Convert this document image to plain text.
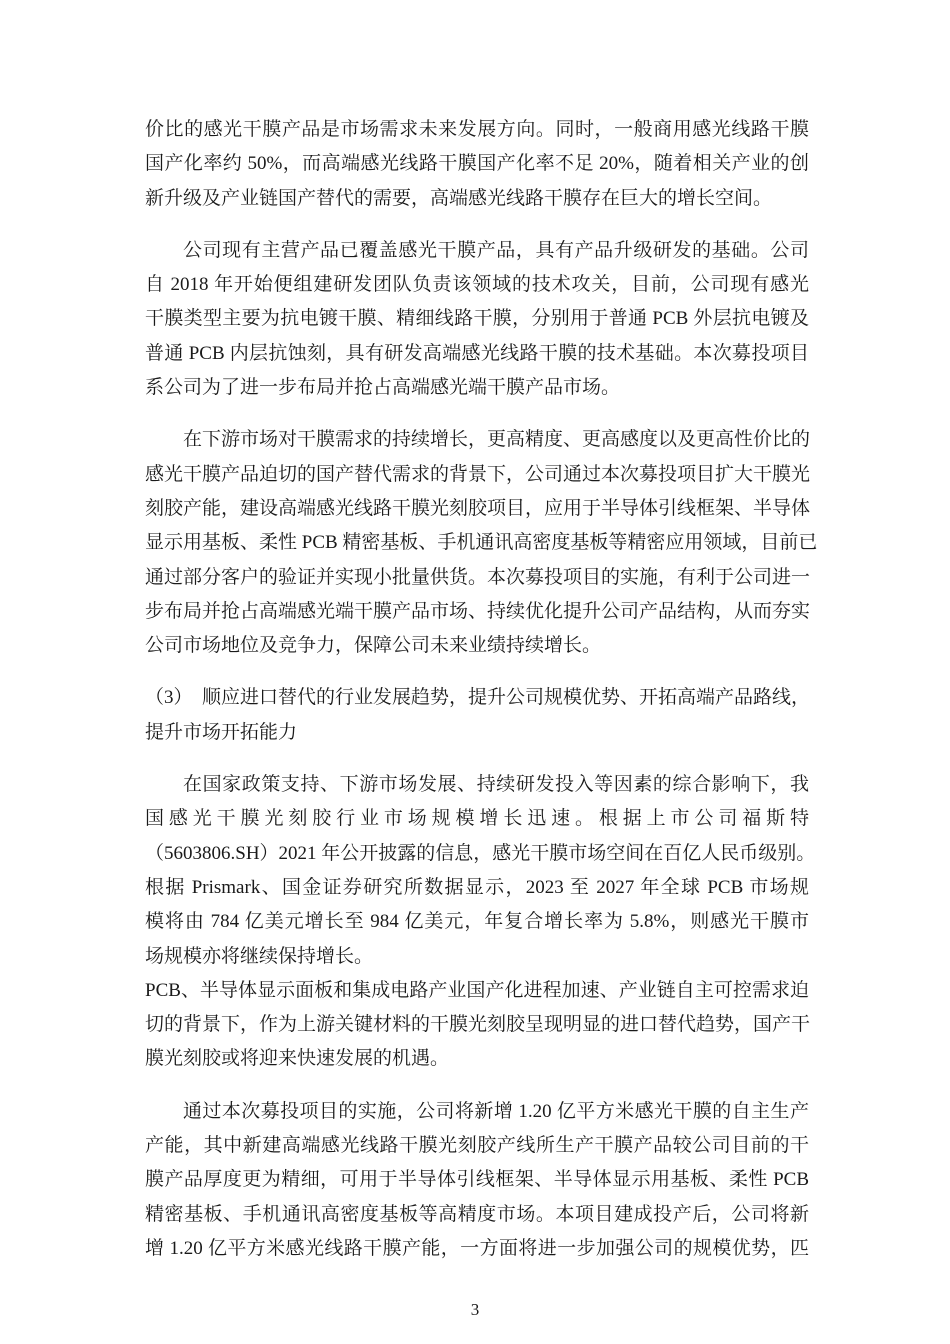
价比的感光干膜产品是市场需求未来发展方向。同时，一般商用感光线路干膜
国产化率约 50%，而高端感光线路干膜国产化率不足 20%，随着相关产业的创
新升级及产业链国产替代的需要，高端感光线路干膜存在巨大的增长空间。
公司现有主营产品已覆盖感光干膜产品，具有产品升级研发的基础。公司
自 2018 年开始便组建研发团队负责该领域的技术攻关，目前，公司现有感光
干膜类型主要为抗电镀干膜、精细线路干膜，分别用于普通 PCB 外层抗电镀及
普通 PCB 内层抗蚀刻，具有研发高端感光线路干膜的技术基础。本次募投项目
系公司为了进一步布局并抢占高端感光端干膜产品市场。
在下游市场对干膜需求的持续增长，更高精度、更高感度以及更高性价比的
感光干膜产品迫切的国产替代需求的背景下，公司通过本次募投项目扩大干膜光
刻胶产能，建设高端感光线路干膜光刻胶项目，应用于半导体引线框架、半导体
显示用基板、柔性 PCB 精密基板、手机通讯高密度基板等精密应用领域，目前已
通过部分客户的验证并实现小批量供货。本次募投项目的实施，有利于公司进一
步布局并抢占高端感光端干膜产品市场、持续优化提升公司产品结构，从而夯实
公司市场地位及竞争力，保障公司未来业绩持续增长。
（3）　顺应进口替代的行业发展趋势，提升公司规模优势、开拓高端产品路线，
提升市场开拓能力
在国家政策支持、下游市场发展、持续研发投入等因素的综合影响下，我
国感光干膜光刻胶行业市场规模增长迅速。根据上市公司福斯特
（5603806.SH）2021 年公开披露的信息，感光干膜市场空间在百亿人民币级别。
根据 Prismark、国金证券研究所数据显示，2023 至 2027 年全球 PCB 市场规
模将由 784 亿美元增长至 984 亿美元，年复合增长率为 5.8%，则感光干膜市
场规模亦将继续保持增长。
PCB、半导体显示面板和集成电路产业国产化进程加速、产业链自主可控需求迫
切的背景下，作为上游关键材料的干膜光刻胶呈现明显的进口替代趋势，国产干
膜光刻胶或将迎来快速发展的机遇。
通过本次募投项目的实施，公司将新增 1.20 亿平方米感光干膜的自主生产
产能，其中新建高端感光线路干膜光刻胶产线所生产干膜产品较公司目前的干
膜产品厚度更为精细，可用于半导体引线框架、半导体显示用基板、柔性 PCB
精密基板、手机通讯高密度基板等高精度市场。本项目建成投产后，公司将新
增 1.20 亿平方米感光线路干膜产能，一方面将进一步加强公司的规模优势，匹
3
